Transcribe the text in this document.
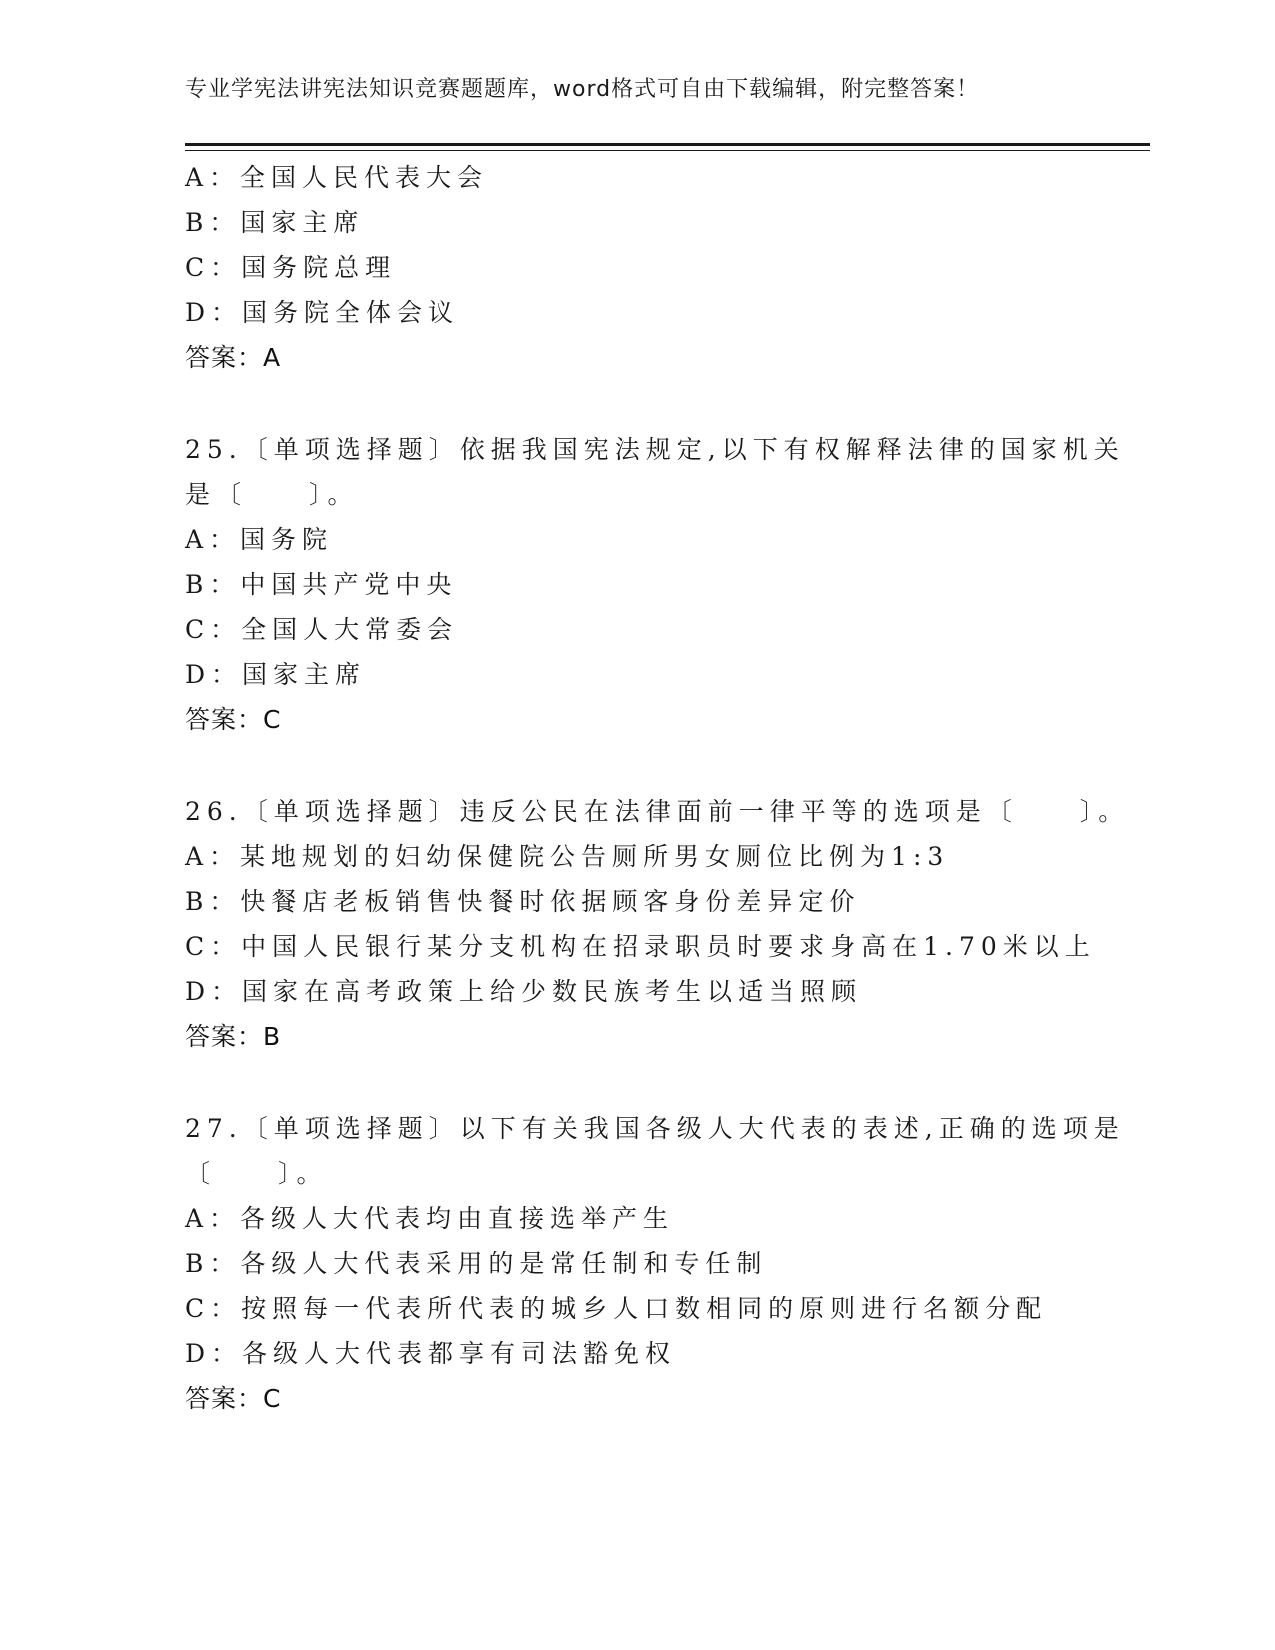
专业学宪法讲宪法知识竞赛题题库，word格式可自由下载编辑，附完整答案！
A：全国人民代表大会
B：国家主席
C：国务院总理
D：国务院全体会议
答案：A
25.〔单项选择题〕依据我国宪法规定,以下有权解释法律的国家机关
是〔　　〕。
A：国务院
B：中国共产党中央
C：全国人大常委会
D：国家主席
答案：C
26.〔单项选择题〕违反公民在法律面前一律平等的选项是〔　　〕。
A：某地规划的妇幼保健院公告厕所男女厕位比例为1:3
B：快餐店老板销售快餐时依据顾客身份差异定价
C：中国人民银行某分支机构在招录职员时要求身高在1.70米以上
D：国家在高考政策上给少数民族考生以适当照顾
答案：B
27.〔单项选择题〕以下有关我国各级人大代表的表述,正确的选项是
〔　　〕。
A：各级人大代表均由直接选举产生
B：各级人大代表采用的是常任制和专任制
C：按照每一代表所代表的城乡人口数相同的原则进行名额分配
D：各级人大代表都享有司法豁免权
答案：C
